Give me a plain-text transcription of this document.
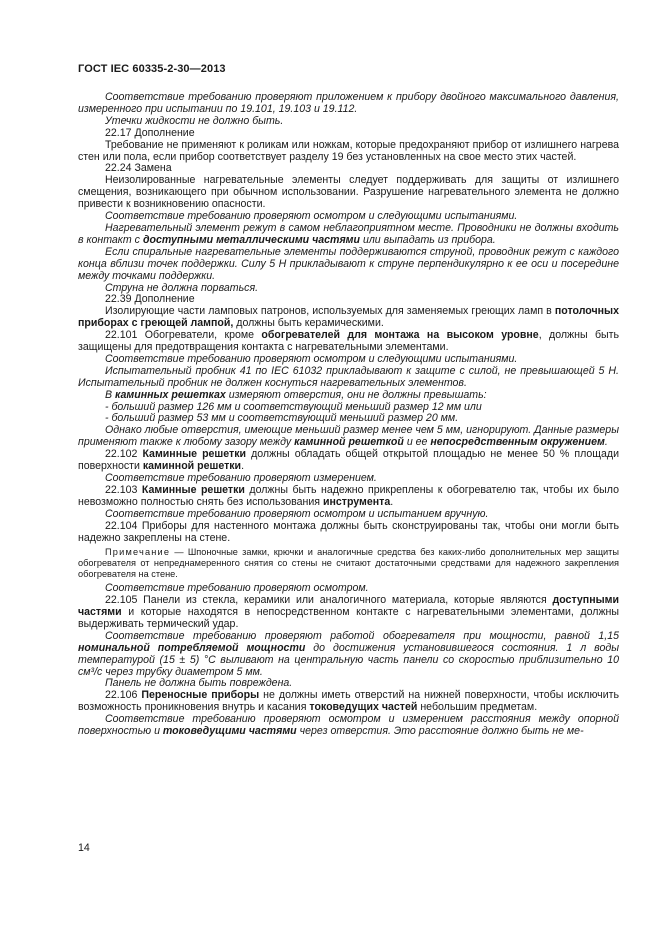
ГОСТ IEC 60335-2-30—2013

Соответствие требованию проверяют приложением к прибору двойного максимального давления, измеренного при испытании по 19.101, 19.103 и 19.112.

Утечки жидкости не должно быть.

22.17 Дополнение

Требование не применяют к роликам или ножкам, которые предохраняют прибор от излишнего нагрева стен или пола, если прибор соответствует разделу 19 без установленных на свое место этих частей.

22.24 Замена

Неизолированные нагревательные элементы следует поддерживать для защиты от излишнего смещения, возникающего при обычном использовании. Разрушение нагревательного элемента не должно привести к возникновению опасности.

Соответствие требованию проверяют осмотром и следующими испытаниями.

Нагревательный элемент режут в самом неблагоприятном месте. Проводники не должны входить в контакт с доступными металлическими частями или выпадать из прибора.

Если спиральные нагревательные элементы поддерживаются струной, проводник режут с каждого конца вблизи точек поддержки. Силу 5 Н прикладывают к струне перпендикулярно к ее оси и посередине между точками поддержки.

Струна не должна порваться.

22.39 Дополнение

Изолирующие части ламповых патронов, используемых для заменяемых греющих ламп в потолочных приборах с греющей лампой, должны быть керамическими.

22.101 Обогреватели, кроме обогревателей для монтажа на высоком уровне, должны быть защищены для предотвращения контакта с нагревательными элементами.

Соответствие требованию проверяют осмотром и следующими испытаниями.

Испытательный пробник 41 по IEC 61032 прикладывают к защите с силой, не превышающей 5 Н. Испытательный пробник не должен коснуться нагревательных элементов.

В каминных решетках измеряют отверстия, они не должны превышать:

- больший размер 126 мм и соответствующий меньший размер 12 мм или

- больший размер 53 мм и соответствующий меньший размер 20 мм.

Однако любые отверстия, имеющие меньший размер менее чем 5 мм, игнорируют. Данные размеры применяют также к любому зазору между каминной решеткой и ее непосредственным окружением.

22.102 Каминные решетки должны обладать общей открытой площадью не менее 50 % площади поверхности каминной решетки.

Соответствие требованию проверяют измерением.

22.103 Каминные решетки должны быть надежно прикреплены к обогревателю так, чтобы их было невозможно полностью снять без использования инструмента.

Соответствие требованию проверяют осмотром и испытанием вручную.

22.104 Приборы для настенного монтажа должны быть сконструированы так, чтобы они могли быть надежно закреплены на стене.

Примечание — Шпоночные замки, крючки и аналогичные средства без каких-либо дополнительных мер защиты обогревателя от непреднамеренного снятия со стены не считают достаточными средствами для надежного закрепления обогревателя на стене.

Соответствие требованию проверяют осмотром.

22.105 Панели из стекла, керамики или аналогичного материала, которые являются доступными частями и которые находятся в непосредственном контакте с нагревательными элементами, должны выдерживать термический удар.

Соответствие требованию проверяют работой обогревателя при мощности, равной 1,15 номинальной потребляемой мощности до достижения установившегося состояния. 1 л воды температурой (15 ± 5) °С выливают на центральную часть панели со скоростью приблизительно 10 см³/с через трубку диаметром 5 мм.

Панель не должна быть повреждена.

22.106 Переносные приборы не должны иметь отверстий на нижней поверхности, чтобы исключить возможность проникновения внутрь и касания токоведущих частей небольшим предметам.

Соответствие требованию проверяют осмотром и измерением расстояния между опорной поверхностью и токоведущими частями через отверстия. Это расстояние должно быть не ме-

14
